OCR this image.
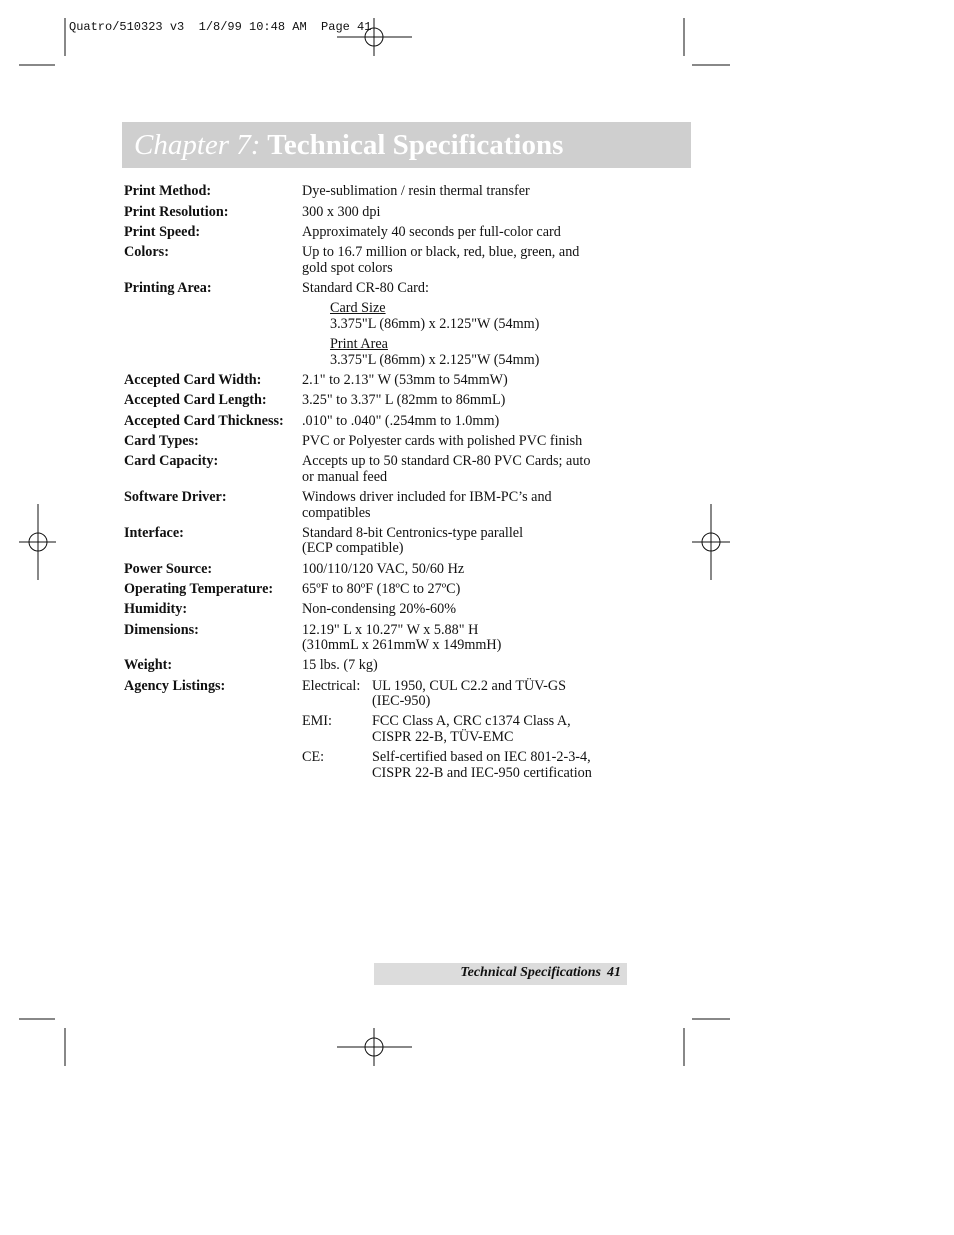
Quatro/510323 v3  1/8/99 10:48 AM  Page 41
Chapter 7: Technical Specifications
Print Method:	Dye-sublimation / resin thermal transfer
Print Resolution:	300 x 300 dpi
Print Speed:	Approximately 40 seconds per full-color card
Colors:	Up to 16.7 million or black, red, blue, green, and
gold spot colors
Printing Area:	Standard CR-80 Card:
Card Size
3.375"L (86mm) x 2.125"W (54mm)
Print Area
3.375"L (86mm) x 2.125"W (54mm)
Accepted Card Width:	2.1" to 2.13" W (53mm to 54mmW)
Accepted Card Length: 3.25" to 3.37" L (82mm to 86mmL)
Accepted Card Thickness: .010" to .040" (.254mm to 1.0mm)
Card Types:	PVC or Polyester cards with polished PVC finish
Card Capacity:	Accepts up to 50 standard CR-80 PVC Cards; auto
or manual feed
Software Driver:	Windows driver included for IBM-PC’s and
compatibles
Interface:	Standard 8-bit Centronics-type parallel
(ECP compatible)
Power Source:	100/110/120 VAC, 50/60 Hz
Operating Temperature: 65ºF to 80ºF (18ºC to 27ºC)
Humidity:	Non-condensing 20%-60%
Dimensions:	12.19" L x 10.27" W x 5.88" H
(310mmL x 261mmW x 149mmH)
Weight:	15 lbs. (7 kg)
Agency Listings:	Electrical: UL 1950, CUL C2.2 and TÜV-GS
(IEC-950)
EMI:	FCC Class A, CRC c1374 Class A,
CISPR 22-B, TÜV-EMC
CE:	Self-certified based on IEC 801-2-3-4,
CISPR 22-B and IEC-950 certification
Technical Specifications 41
